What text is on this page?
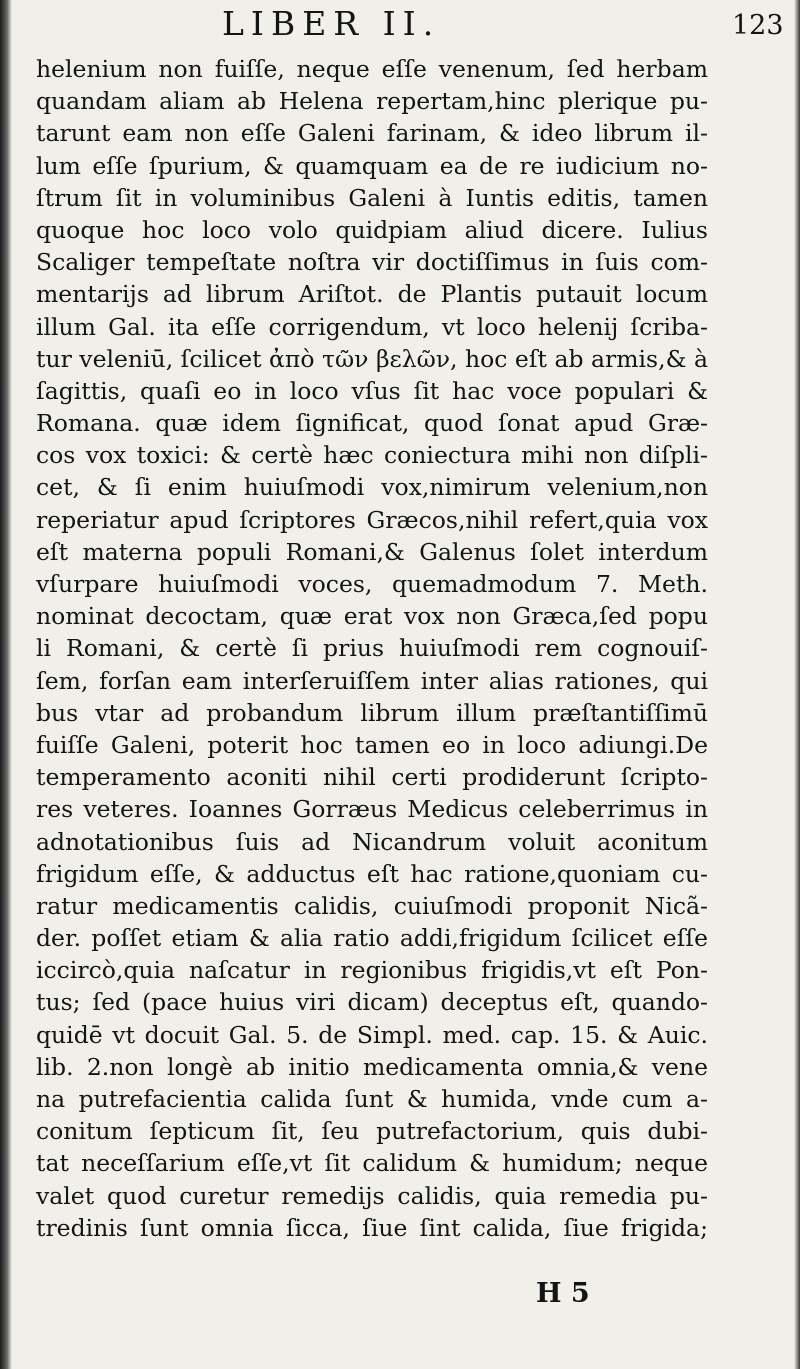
LIBER II.	123
helenium non fuiſſe, neque eſſe venenum, ſed herbam
quandam aliam ab Helena repertam,hinc plerique pu-
tarunt eam non eſſe Galeni farinam, & ideo librum il-
lum eſſe ſpurium, & quamquam ea de re iudicium no-
ſtrum ſit in voluminibus Galeni à Iuntis editis, tamen
quoque hoc loco volo quidpiam aliud dicere. Iulius
Scaliger tempeſtate noſtra vir doctiſſimus in ſuis com-
mentarijs ad librum Ariſtot. de Plantis putauit locum
illum Gal. ita eſſe corrigendum, vt loco helenij ſcriba-
tur veleniū, ſcilicet ἀπὸ τῶν βελῶν, hoc eſt ab armis,& à
ſagittis, quaſi eo in loco vſus ſit hac voce populari &
Romana. quæ idem ſignificat, quod ſonat apud Græ-
cos vox toxici: & certè hæc coniectura mihi non diſpli-
cet, & ſi enim huiuſmodi vox,nimirum velenium,non
reperiatur apud ſcriptores Græcos,nihil refert,quia vox
eſt materna populi Romani,& Galenus ſolet interdum
vſurpare huiuſmodi voces, quemadmodum 7. Meth.
nominat decoctam, quæ erat vox non Græca,ſed popu
li Romani, & certè ſi prius huiuſmodi rem cognouiſ-
ſem, forſan eam interſeruiſſem inter alias rationes, qui
bus vtar ad probandum librum illum præſtantiſſimū
fuiſſe Galeni, poterit hoc tamen eo in loco adiungi.De
temperamento aconiti nihil certi prodiderunt ſcripto-
res veteres. Ioannes Gorræus Medicus celeberrimus in
adnotationibus ſuis ad Nicandrum voluit aconitum
frigidum eſſe, & adductus eſt hac ratione,quoniam cu-
ratur medicamentis calidis, cuiuſmodi proponit Nicã-
der. poſſet etiam & alia ratio addi,frigidum ſcilicet eſſe
iccircò,quia naſcatur in regionibus frigidis,vt eſt Pon-
tus; ſed (pace huius viri dicam) deceptus eſt, quando-
quidē vt docuit Gal. 5. de Simpl. med. cap. 15. & Auic.
lib. 2.non longè ab initio medicamenta omnia,& vene
na putrefacientia calida ſunt & humida, vnde cum a-
conitum ſepticum ſit, ſeu putrefactorium, quis dubi-
tat neceſſarium eſſe,vt ſit calidum & humidum; neque
valet quod curetur remedijs calidis, quia remedia pu-
tredinis ſunt omnia ſicca, ſiue ſint calida, ſiue frigida;
H 5
